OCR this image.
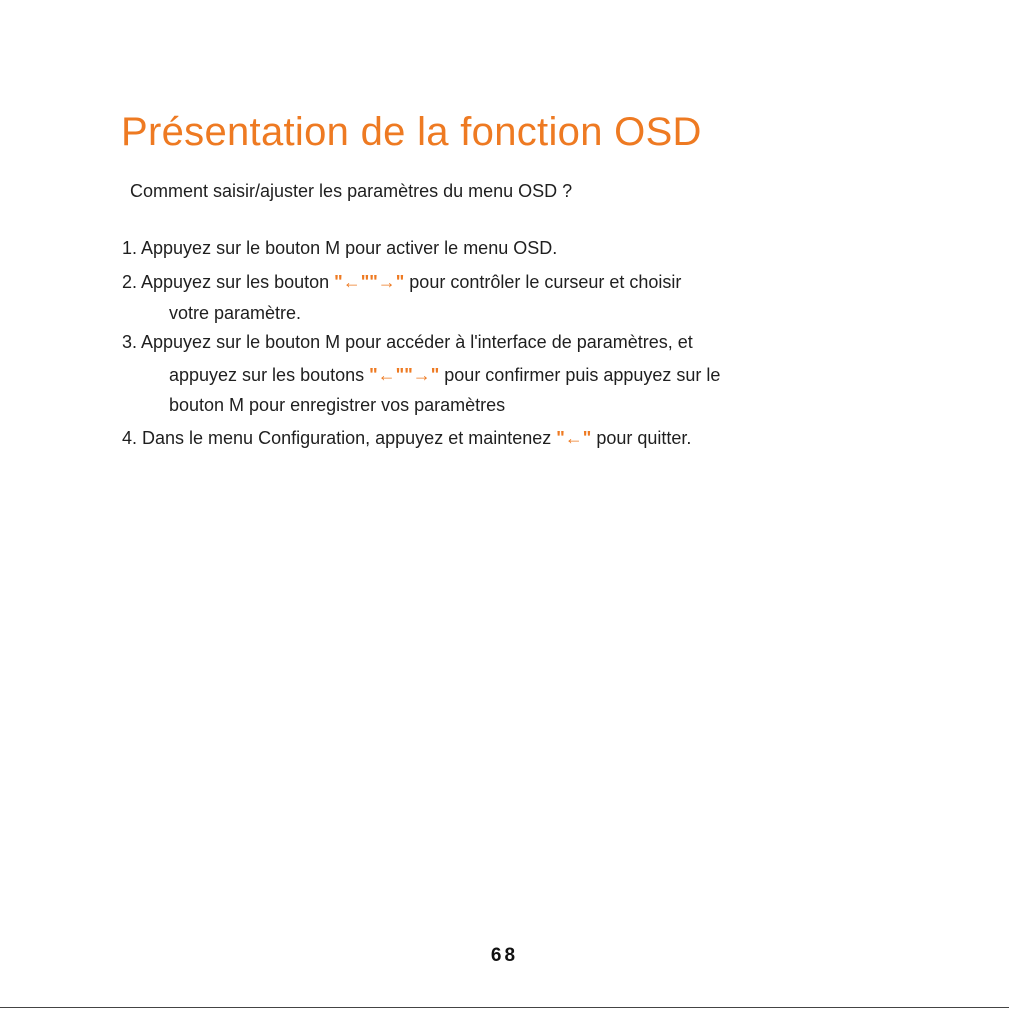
Présentation de la fonction OSD

Comment saisir/ajuster les paramètres du menu OSD ?

1. Appuyez sur le bouton M pour activer le menu OSD.

2. Appuyez sur les bouton "←""→" pour contrôler le curseur et choisir

votre paramètre.

3. Appuyez sur le bouton M pour accéder à l'interface de paramètres, et

appuyez sur les boutons "←""→" pour confirmer puis appuyez sur le

bouton M pour enregistrer vos paramètres

4. Dans le menu Configuration, appuyez et maintenez "←" pour quitter.

68
